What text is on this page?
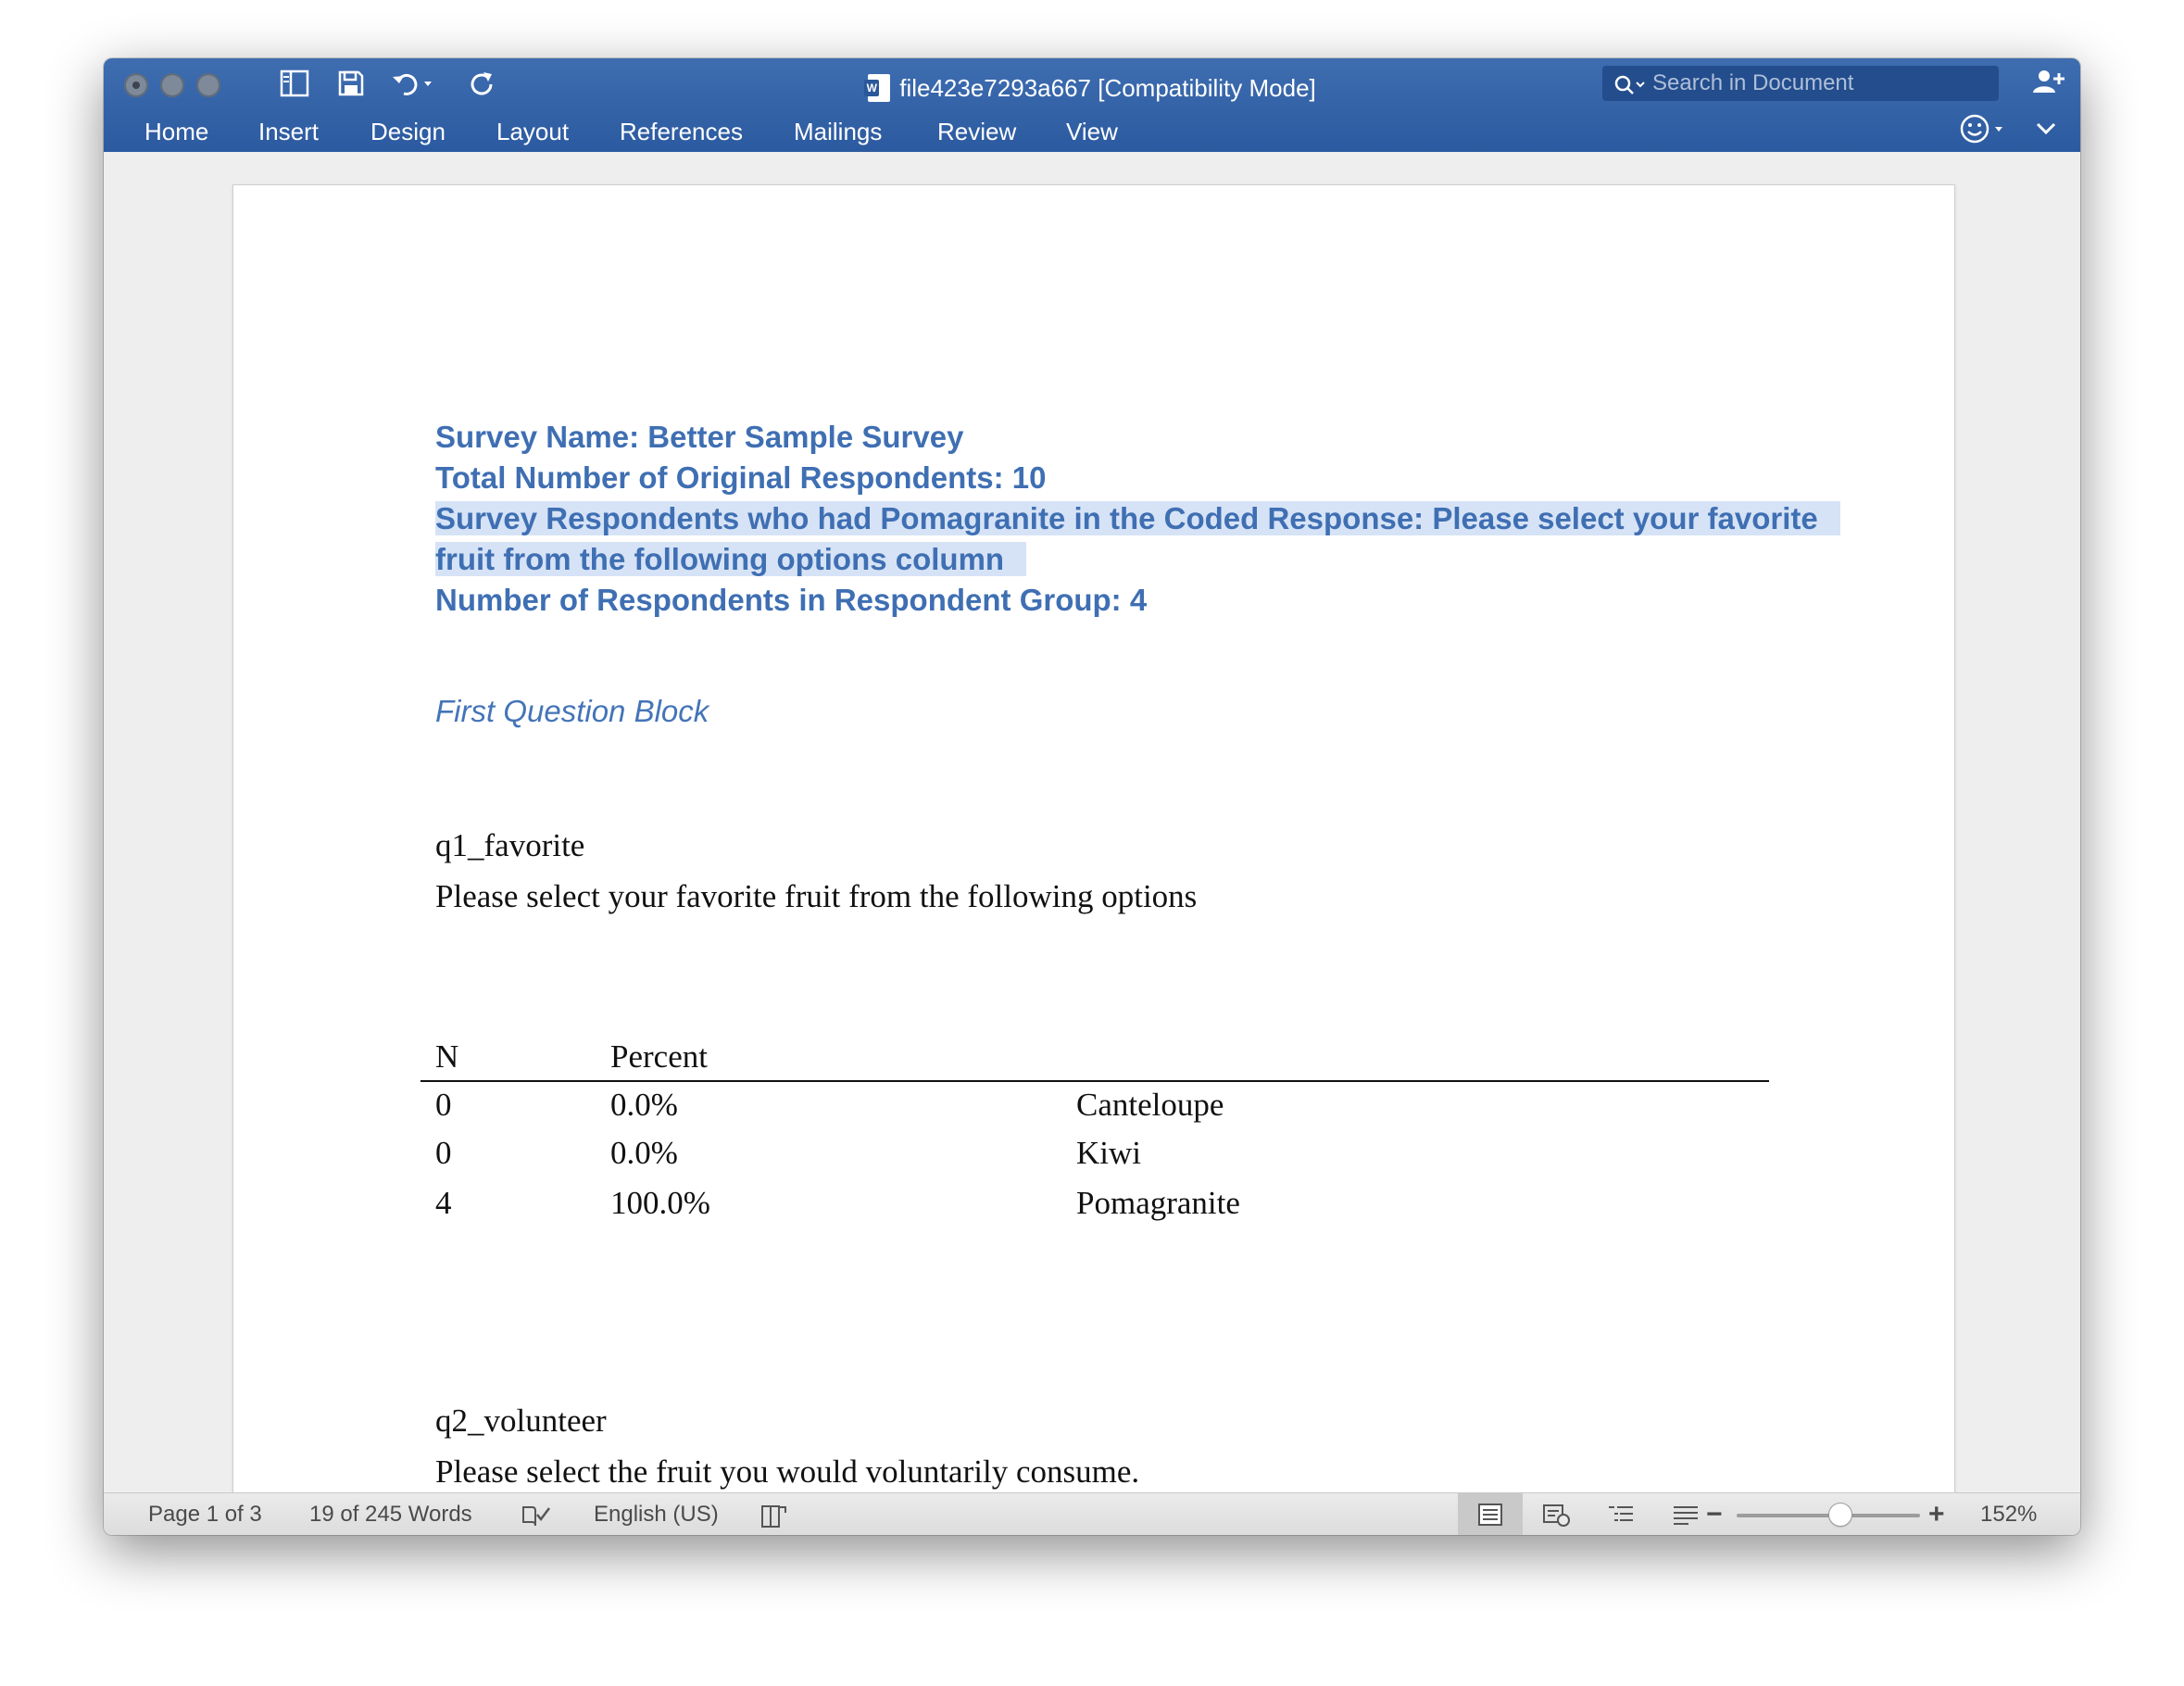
Wfile423e7293a667 [Compatibility Mode]	Search in Document
Home Insert Design Layout References Mailings Review View
Survey Name: Better Sample Survey
Total Number of Original Respondents: 10
Survey Respondents who had Pomagranite in the Coded Response: Please select your favorite
fruit from the following options column
Number of Respondents in Respondent Group: 4
First Question Block
q1_favorite
Please select your favorite fruit from the following options
N	Percent
0	0.0%	Canteloupe
0	0.0%	Kiwi
4	100.0%	Pomagranite
q2_volunteer
Please select the fruit you would voluntarily consume.
Page 1 of 3 19 of 245 Words	English (US)	−	+ 152%
